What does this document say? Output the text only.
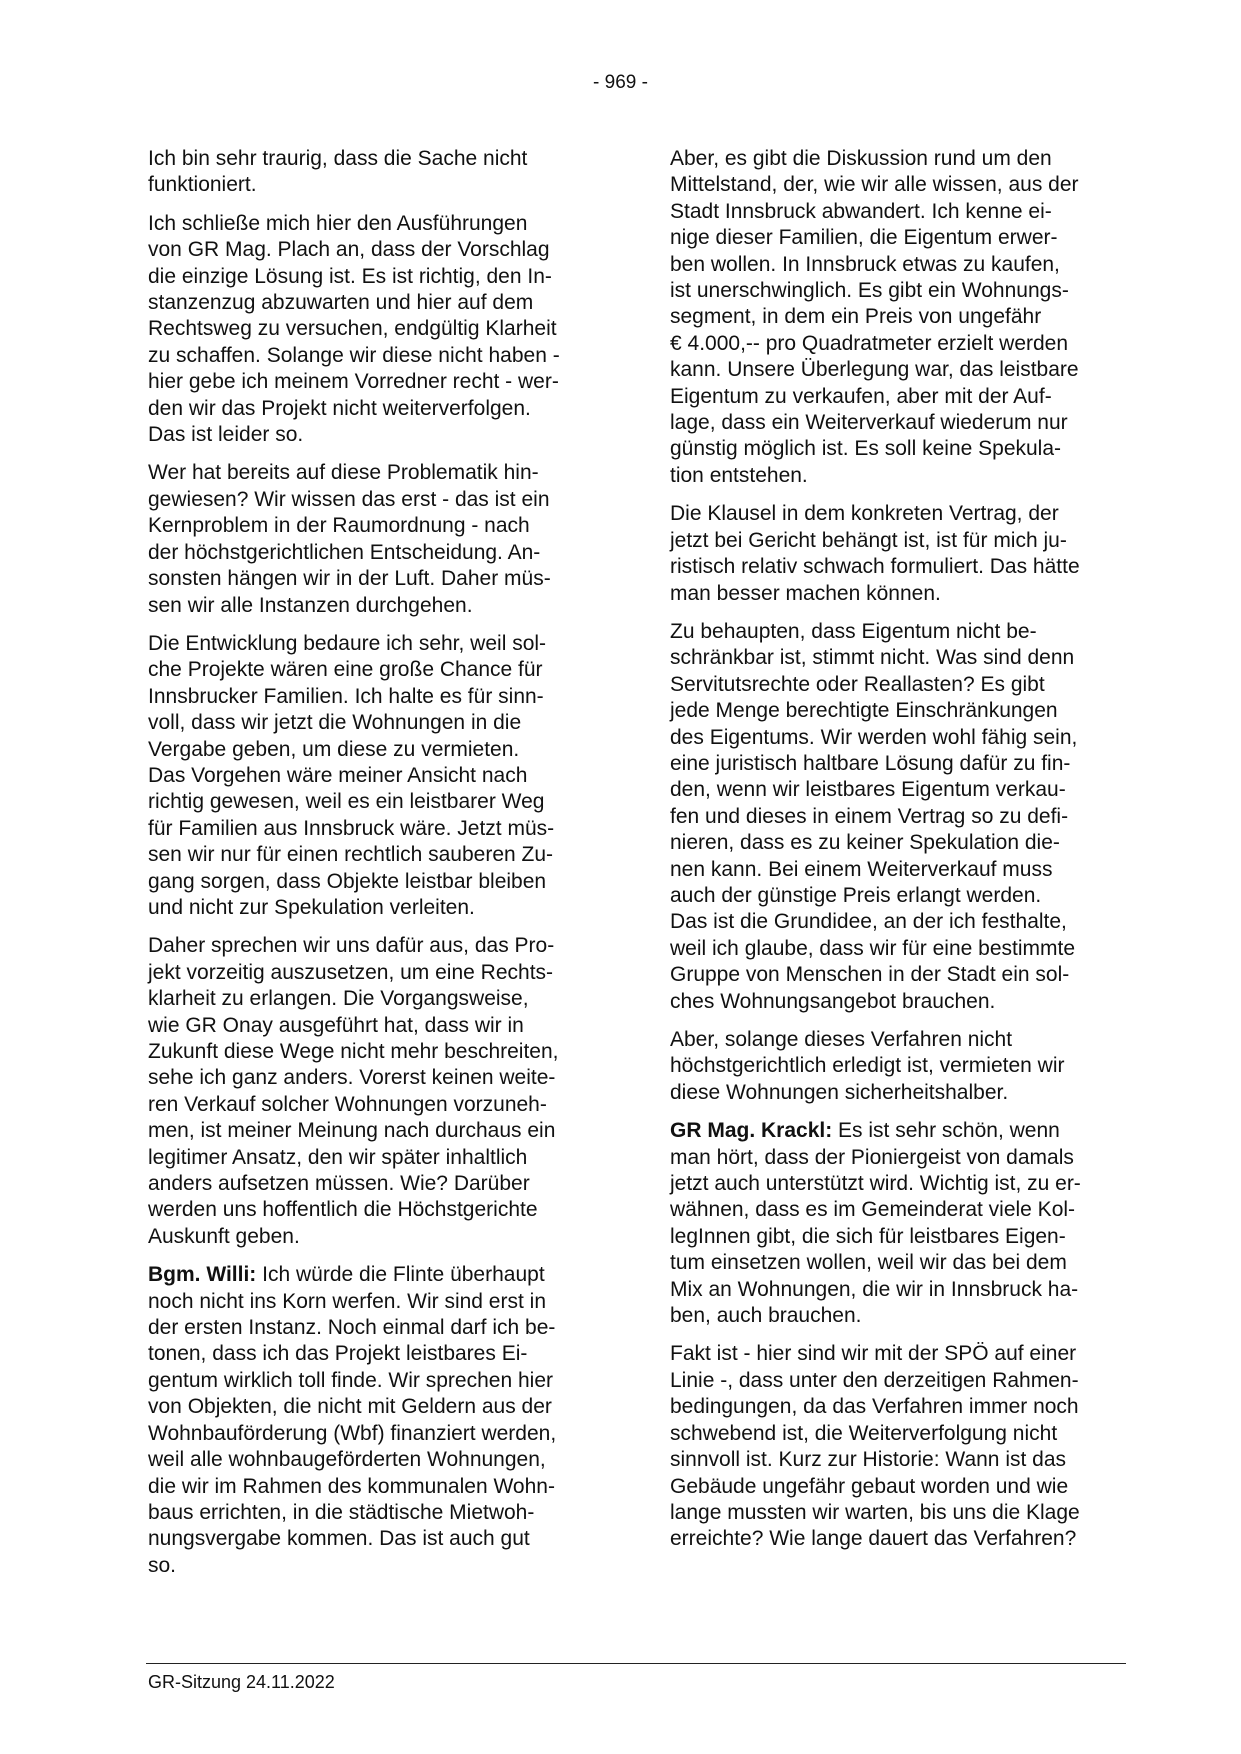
- 969 -

Ich bin sehr traurig, dass die Sache nicht
funktioniert.

Ich schließe mich hier den Ausführungen
von GR Mag. Plach an, dass der Vorschlag
die einzige Lösung ist. Es ist richtig, den In-
stanzenzug abzuwarten und hier auf dem
Rechtsweg zu versuchen, endgültig Klarheit
zu schaffen. Solange wir diese nicht haben -
hier gebe ich meinem Vorredner recht - wer-
den wir das Projekt nicht weiterverfolgen.
Das ist leider so.

Wer hat bereits auf diese Problematik hin-
gewiesen? Wir wissen das erst - das ist ein
Kernproblem in der Raumordnung - nach
der höchstgerichtlichen Entscheidung. An-
sonsten hängen wir in der Luft. Daher müs-
sen wir alle Instanzen durchgehen.

Die Entwicklung bedaure ich sehr, weil sol-
che Projekte wären eine große Chance für
Innsbrucker Familien. Ich halte es für sinn-
voll, dass wir jetzt die Wohnungen in die
Vergabe geben, um diese zu vermieten.
Das Vorgehen wäre meiner Ansicht nach
richtig gewesen, weil es ein leistbarer Weg
für Familien aus Innsbruck wäre. Jetzt müs-
sen wir nur für einen rechtlich sauberen Zu-
gang sorgen, dass Objekte leistbar bleiben
und nicht zur Spekulation verleiten.

Daher sprechen wir uns dafür aus, das Pro-
jekt vorzeitig auszusetzen, um eine Rechts-
klarheit zu erlangen. Die Vorgangsweise,
wie GR Onay ausgeführt hat, dass wir in
Zukunft diese Wege nicht mehr beschreiten,
sehe ich ganz anders. Vorerst keinen weite-
ren Verkauf solcher Wohnungen vorzuneh-
men, ist meiner Meinung nach durchaus ein
legitimer Ansatz, den wir später inhaltlich
anders aufsetzen müssen. Wie? Darüber
werden uns hoffentlich die Höchstgerichte
Auskunft geben.

Bgm. Willi: Ich würde die Flinte überhaupt
noch nicht ins Korn werfen. Wir sind erst in
der ersten Instanz. Noch einmal darf ich be-
tonen, dass ich das Projekt leistbares Ei-
gentum wirklich toll finde. Wir sprechen hier
von Objekten, die nicht mit Geldern aus der
Wohnbauförderung (Wbf) finanziert werden,
weil alle wohnbaugeförderten Wohnungen,
die wir im Rahmen des kommunalen Wohn-
baus errichten, in die städtische Mietwoh-
nungsvergabe kommen. Das ist auch gut
so.

Aber, es gibt die Diskussion rund um den
Mittelstand, der, wie wir alle wissen, aus der
Stadt Innsbruck abwandert. Ich kenne ei-
nige dieser Familien, die Eigentum erwer-
ben wollen. In Innsbruck etwas zu kaufen,
ist unerschwinglich. Es gibt ein Wohnungs-
segment, in dem ein Preis von ungefähr
€ 4.000,-- pro Quadratmeter erzielt werden
kann. Unsere Überlegung war, das leistbare
Eigentum zu verkaufen, aber mit der Auf-
lage, dass ein Weiterverkauf wiederum nur
günstig möglich ist. Es soll keine Spekula-
tion entstehen.

Die Klausel in dem konkreten Vertrag, der
jetzt bei Gericht behängt ist, ist für mich ju-
ristisch relativ schwach formuliert. Das hätte
man besser machen können.

Zu behaupten, dass Eigentum nicht be-
schränkbar ist, stimmt nicht. Was sind denn
Servitutsrechte oder Reallasten? Es gibt
jede Menge berechtigte Einschränkungen
des Eigentums. Wir werden wohl fähig sein,
eine juristisch haltbare Lösung dafür zu fin-
den, wenn wir leistbares Eigentum verkau-
fen und dieses in einem Vertrag so zu defi-
nieren, dass es zu keiner Spekulation die-
nen kann. Bei einem Weiterverkauf muss
auch der günstige Preis erlangt werden.
Das ist die Grundidee, an der ich festhalte,
weil ich glaube, dass wir für eine bestimmte
Gruppe von Menschen in der Stadt ein sol-
ches Wohnungsangebot brauchen.

Aber, solange dieses Verfahren nicht
höchstgerichtlich erledigt ist, vermieten wir
diese Wohnungen sicherheitshalber.

GR Mag. Krackl: Es ist sehr schön, wenn
man hört, dass der Pioniergeist von damals
jetzt auch unterstützt wird. Wichtig ist, zu er-
wähnen, dass es im Gemeinderat viele Kol-
legInnen gibt, die sich für leistbares Eigen-
tum einsetzen wollen, weil wir das bei dem
Mix an Wohnungen, die wir in Innsbruck ha-
ben, auch brauchen.

Fakt ist - hier sind wir mit der SPÖ auf einer
Linie -, dass unter den derzeitigen Rahmen-
bedingungen, da das Verfahren immer noch
schwebend ist, die Weiterverfolgung nicht
sinnvoll ist. Kurz zur Historie: Wann ist das
Gebäude ungefähr gebaut worden und wie
lange mussten wir warten, bis uns die Klage
erreichte? Wie lange dauert das Verfahren?

GR-Sitzung 24.11.2022
